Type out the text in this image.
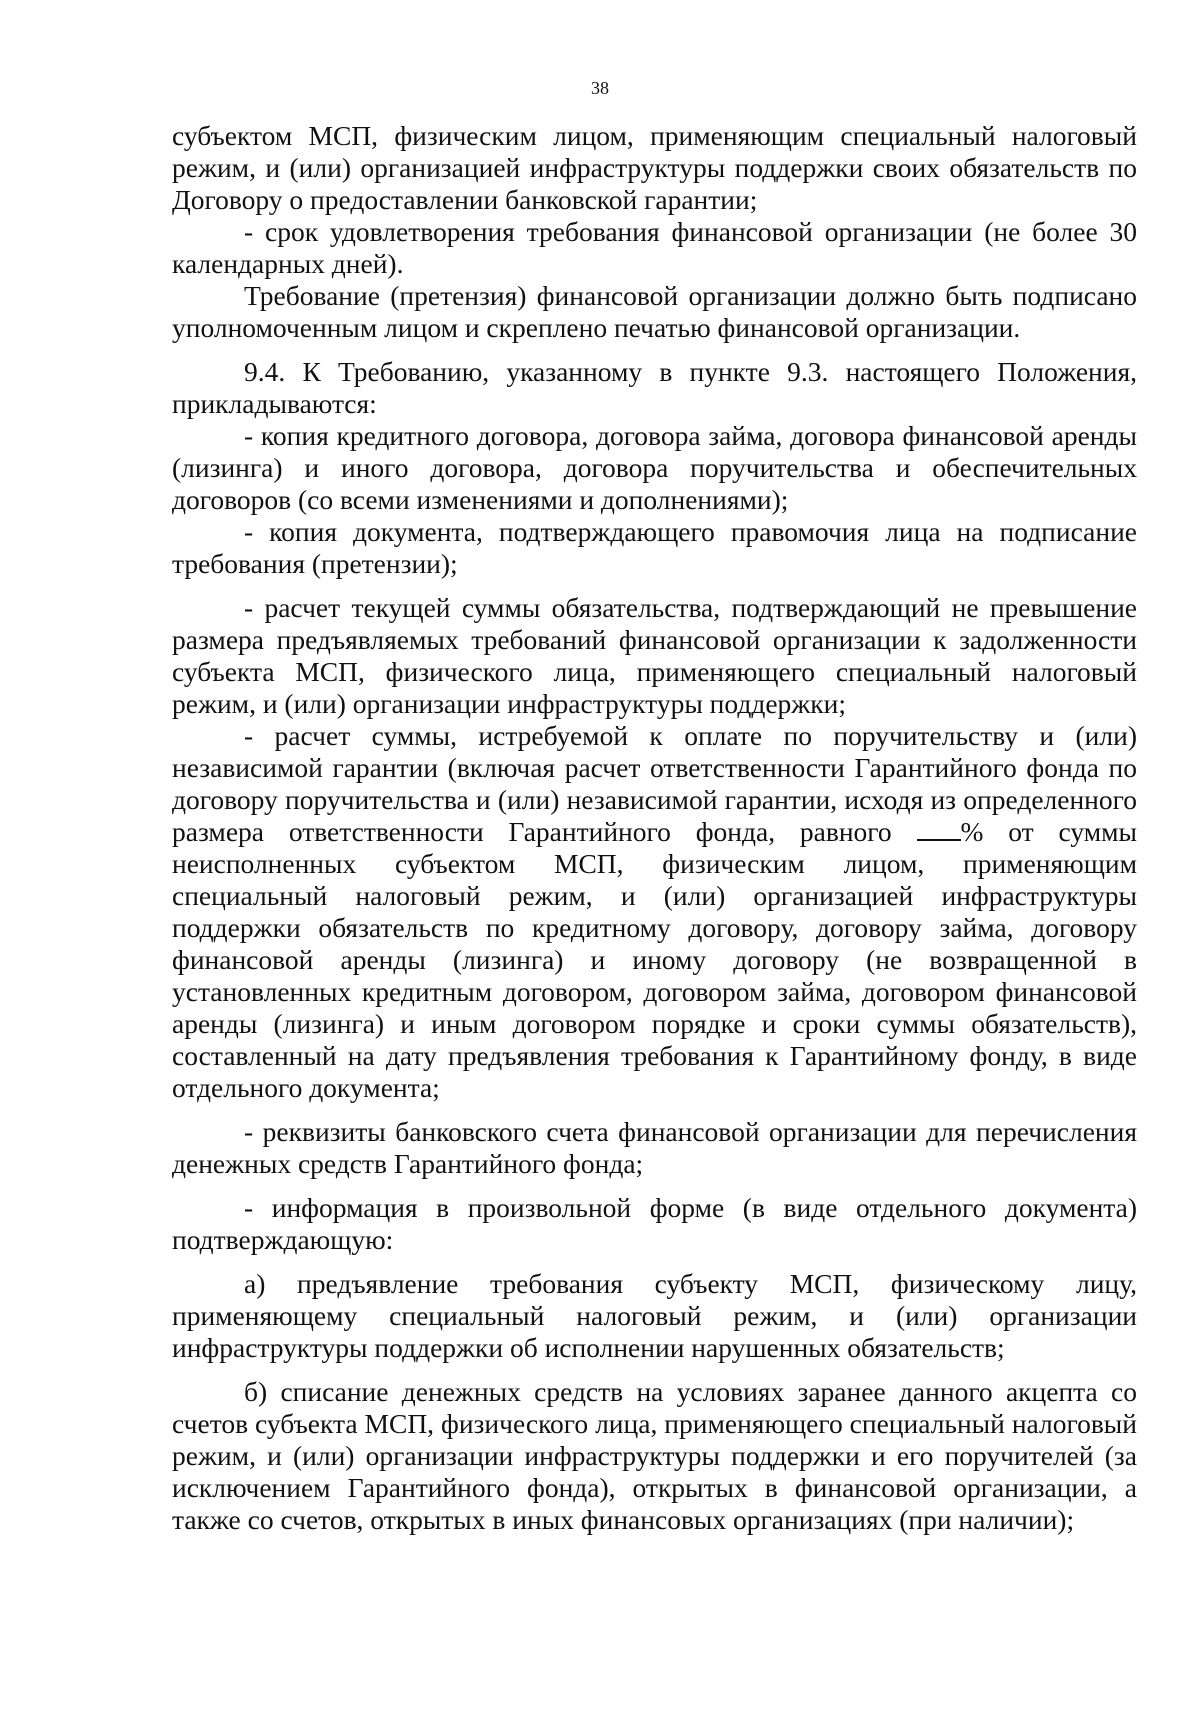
38

субъектом МСП, физическим лицом, применяющим специальный налоговый режим, и (или) организацией инфраструктуры поддержки своих обязательств по Договору о предоставлении банковской гарантии;

- срок удовлетворения требования финансовой организации (не более 30 календарных дней).

Требование (претензия) финансовой организации должно быть подписано уполномоченным лицом и скреплено печатью финансовой организации.

9.4. К Требованию, указанному в пункте 9.3. настоящего Положения, прикладываются:

- копия кредитного договора, договора займа, договора финансовой аренды (лизинга) и иного договора, договора поручительства и обеспечительных договоров (со всеми изменениями и дополнениями);

- копия документа, подтверждающего правомочия лица на подписание требования (претензии);

- расчет текущей суммы обязательства, подтверждающий не превышение размера предъявляемых требований финансовой организации к задолженности субъекта МСП, физического лица, применяющего специальный налоговый режим, и (или) организации инфраструктуры поддержки;

- расчет суммы, истребуемой к оплате по поручительству и (или) независимой гарантии (включая расчет ответственности Гарантийного фонда по договору поручительства и (или) независимой гарантии, исходя из определенного размера ответственности Гарантийного фонда, равного % от суммы неисполненных субъектом МСП, физическим лицом, применяющим специальный налоговый режим, и (или) организацией инфраструктуры поддержки обязательств по кредитному договору, договору займа, договору финансовой аренды (лизинга) и иному договору (не возвращенной в установленных кредитным договором, договором займа, договором финансовой аренды (лизинга) и иным договором порядке и сроки суммы обязательств), составленный на дату предъявления требования к Гарантийному фонду, в виде отдельного документа;

- реквизиты банковского счета финансовой организации для перечисления денежных средств Гарантийного фонда;

- информация в произвольной форме (в виде отдельного документа) подтверждающую:

а) предъявление требования субъекту МСП, физическому лицу, применяющему специальный налоговый режим, и (или) организации инфраструктуры поддержки об исполнении нарушенных обязательств;

б) списание денежных средств на условиях заранее данного акцепта со счетов субъекта МСП, физического лица, применяющего специальный налоговый режим, и (или) организации инфраструктуры поддержки и его поручителей (за исключением Гарантийного фонда), открытых в финансовой организации, а также со счетов, открытых в иных финансовых организациях (при наличии);
